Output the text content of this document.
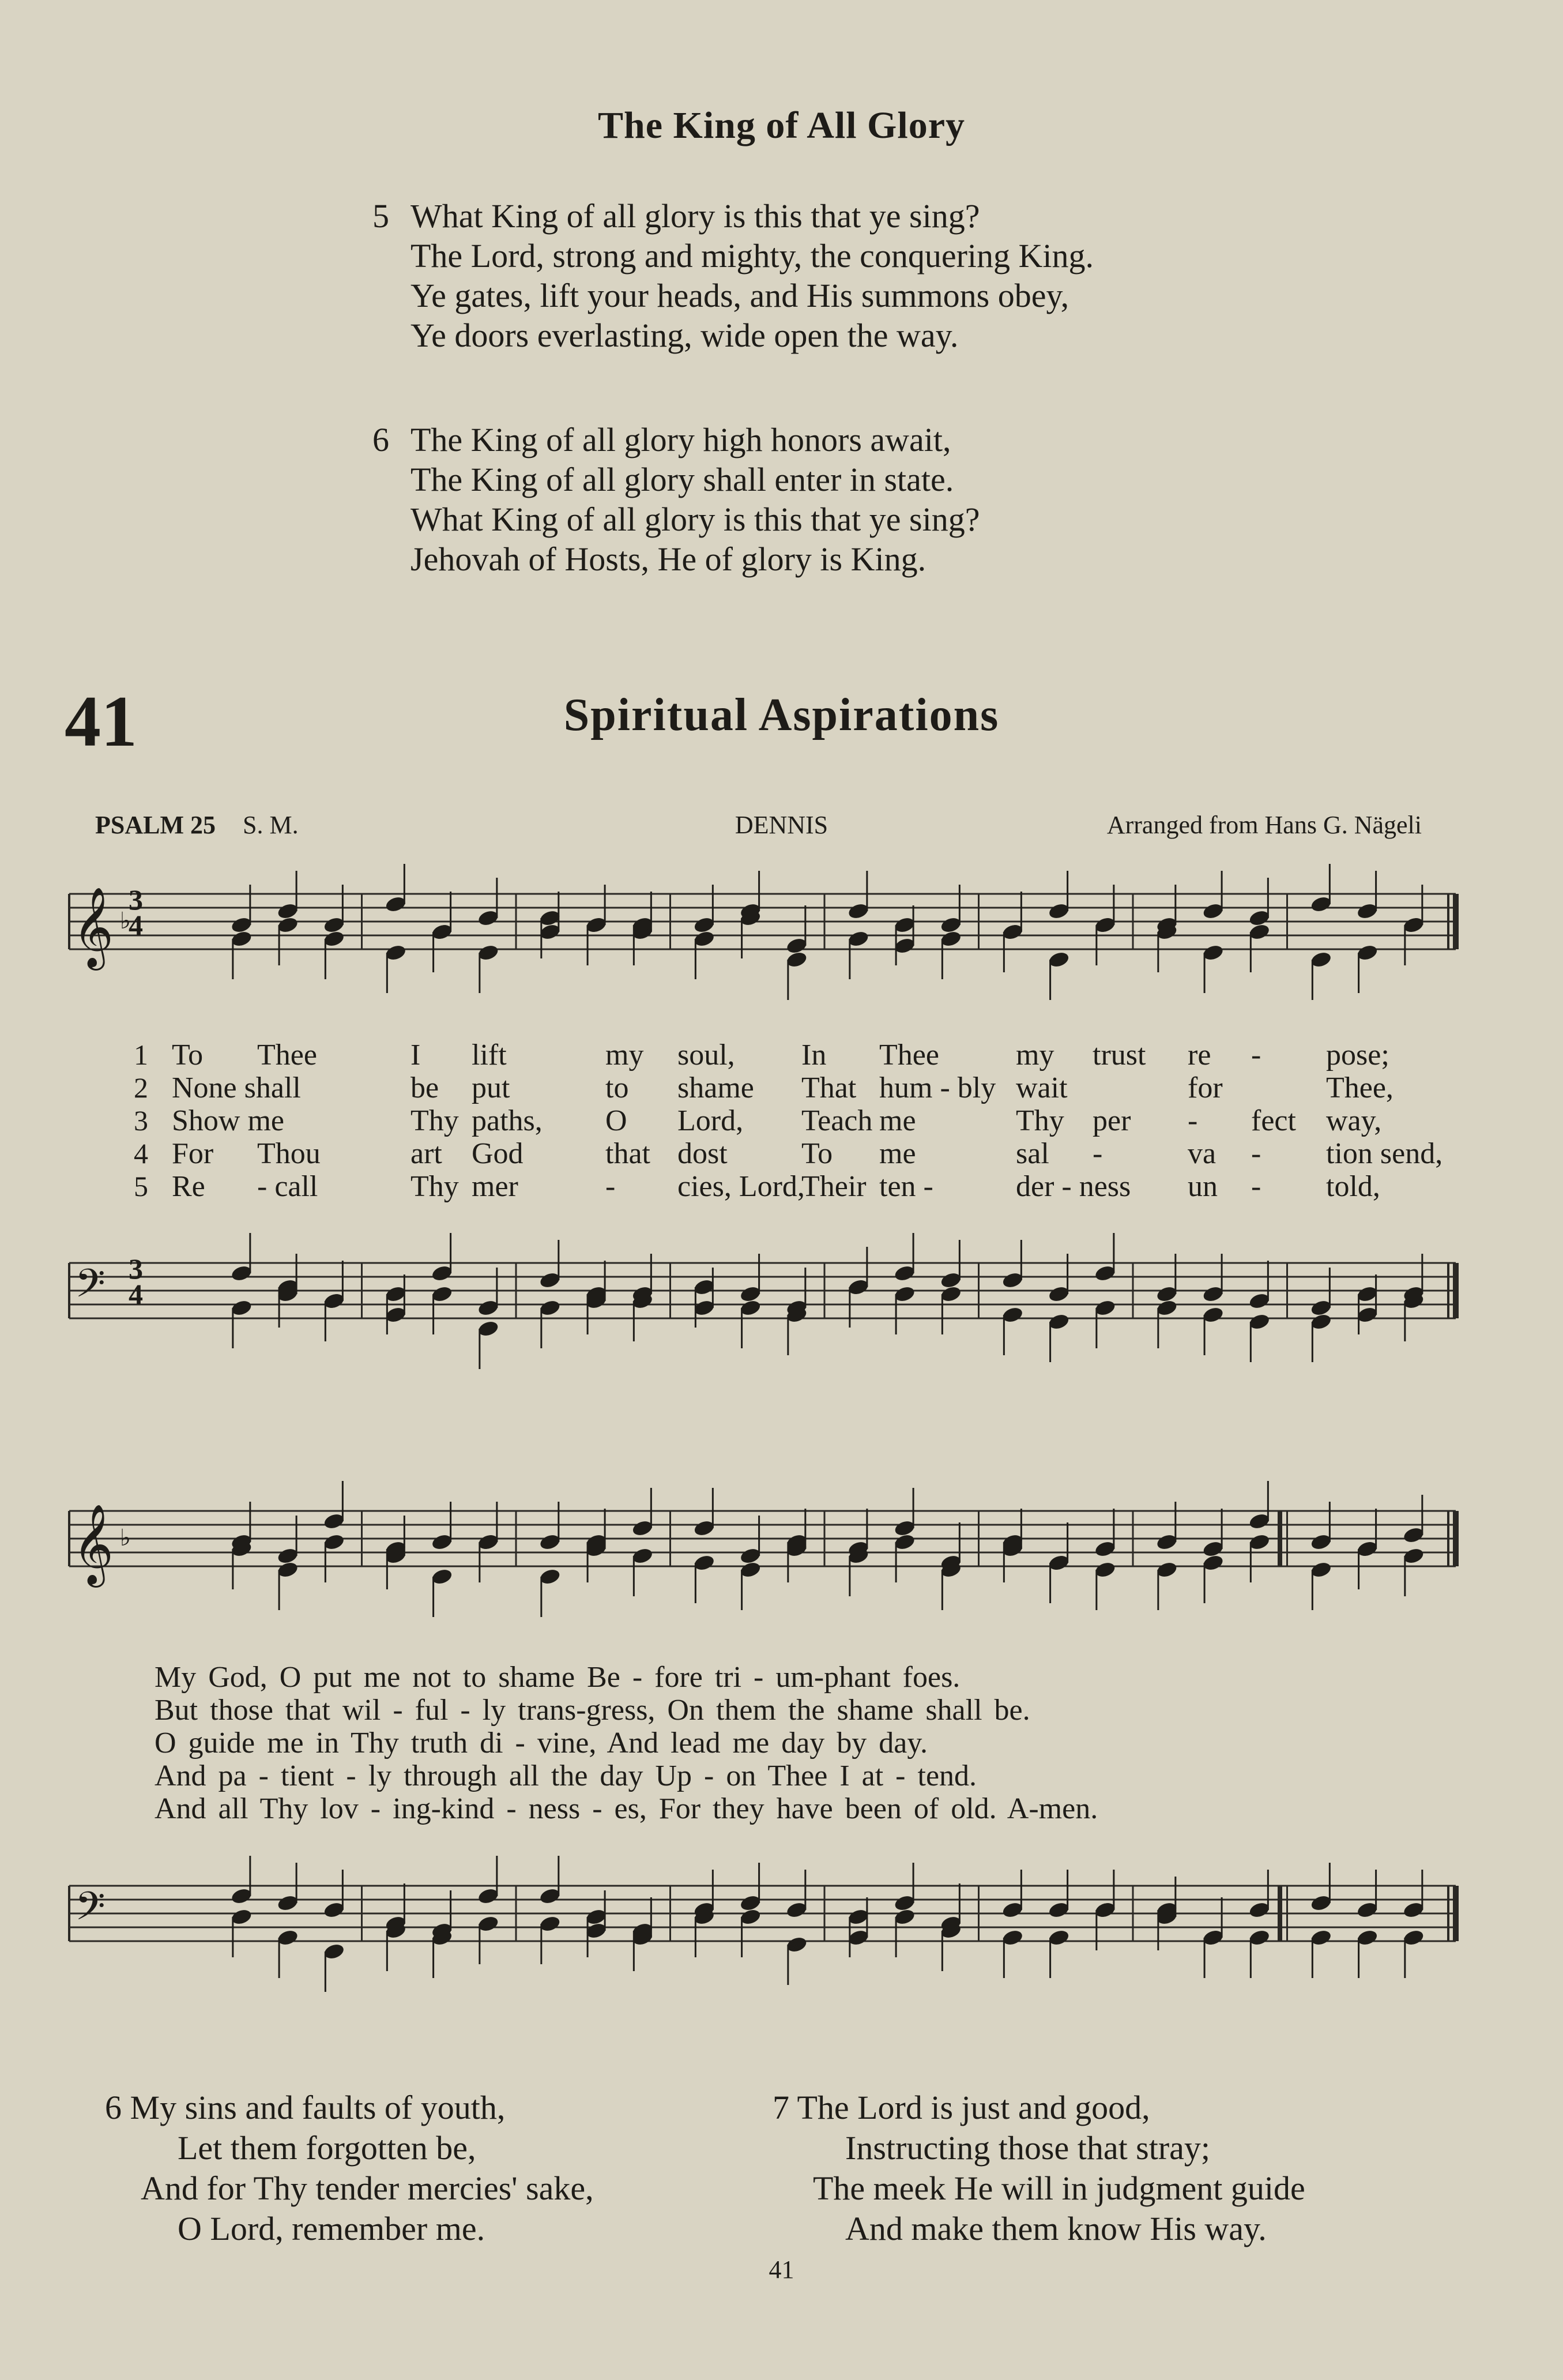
The King of All Glory
5 What King of all glory is this that ye sing?
The Lord, strong and mighty, the conquering King.
Ye gates, lift your heads, and His summons obey,
Ye doors everlasting, wide open the way.
6 The King of all glory high honors await,
The King of all glory shall enter in state.
What King of all glory is this that ye sing?
Jehovah of Hosts, He of glory is King.
41	Spiritual Aspirations
PSALM 25 S. M.	DENNIS	Arranged from Hans G. Nägeli
𝄞 ♭
3
4
1 To Thee	I lift	my soul, In Thee	my trust re - pose;
2 None shall	be put	to shame That hum - bly wait	for	Thee,
3 Show me	Thy paths, O Lord, Teach me	Thy per - fect way,
4 For Thou	art God	that dost To me	sal -	va - tion send,
5 Re - call	Thy mer	- cies, Lord,
Their ten -	der - ness un - told,
𝄢 3
4
𝄞 ♭
My God, O put me not to shame Be - fore tri - um-phant foes.
But those that wil - ful - ly trans-gress, On them the shame shall be.
O guide me in Thy truth di - vine, And lead me day by day.
And pa - tient - ly through all the day Up - on Thee I at - tend.
And all Thy lov - ing-kind - ness - es, For they have been of old. A-men.
𝄢
6 My sins and faults of youth,
Let them forgotten be,
And for Thy tender mercies' sake,
O Lord, remember me.
7 The Lord is just and good,
Instructing those that stray;
The meek He will in judgment guide
And make them know His way.
41
